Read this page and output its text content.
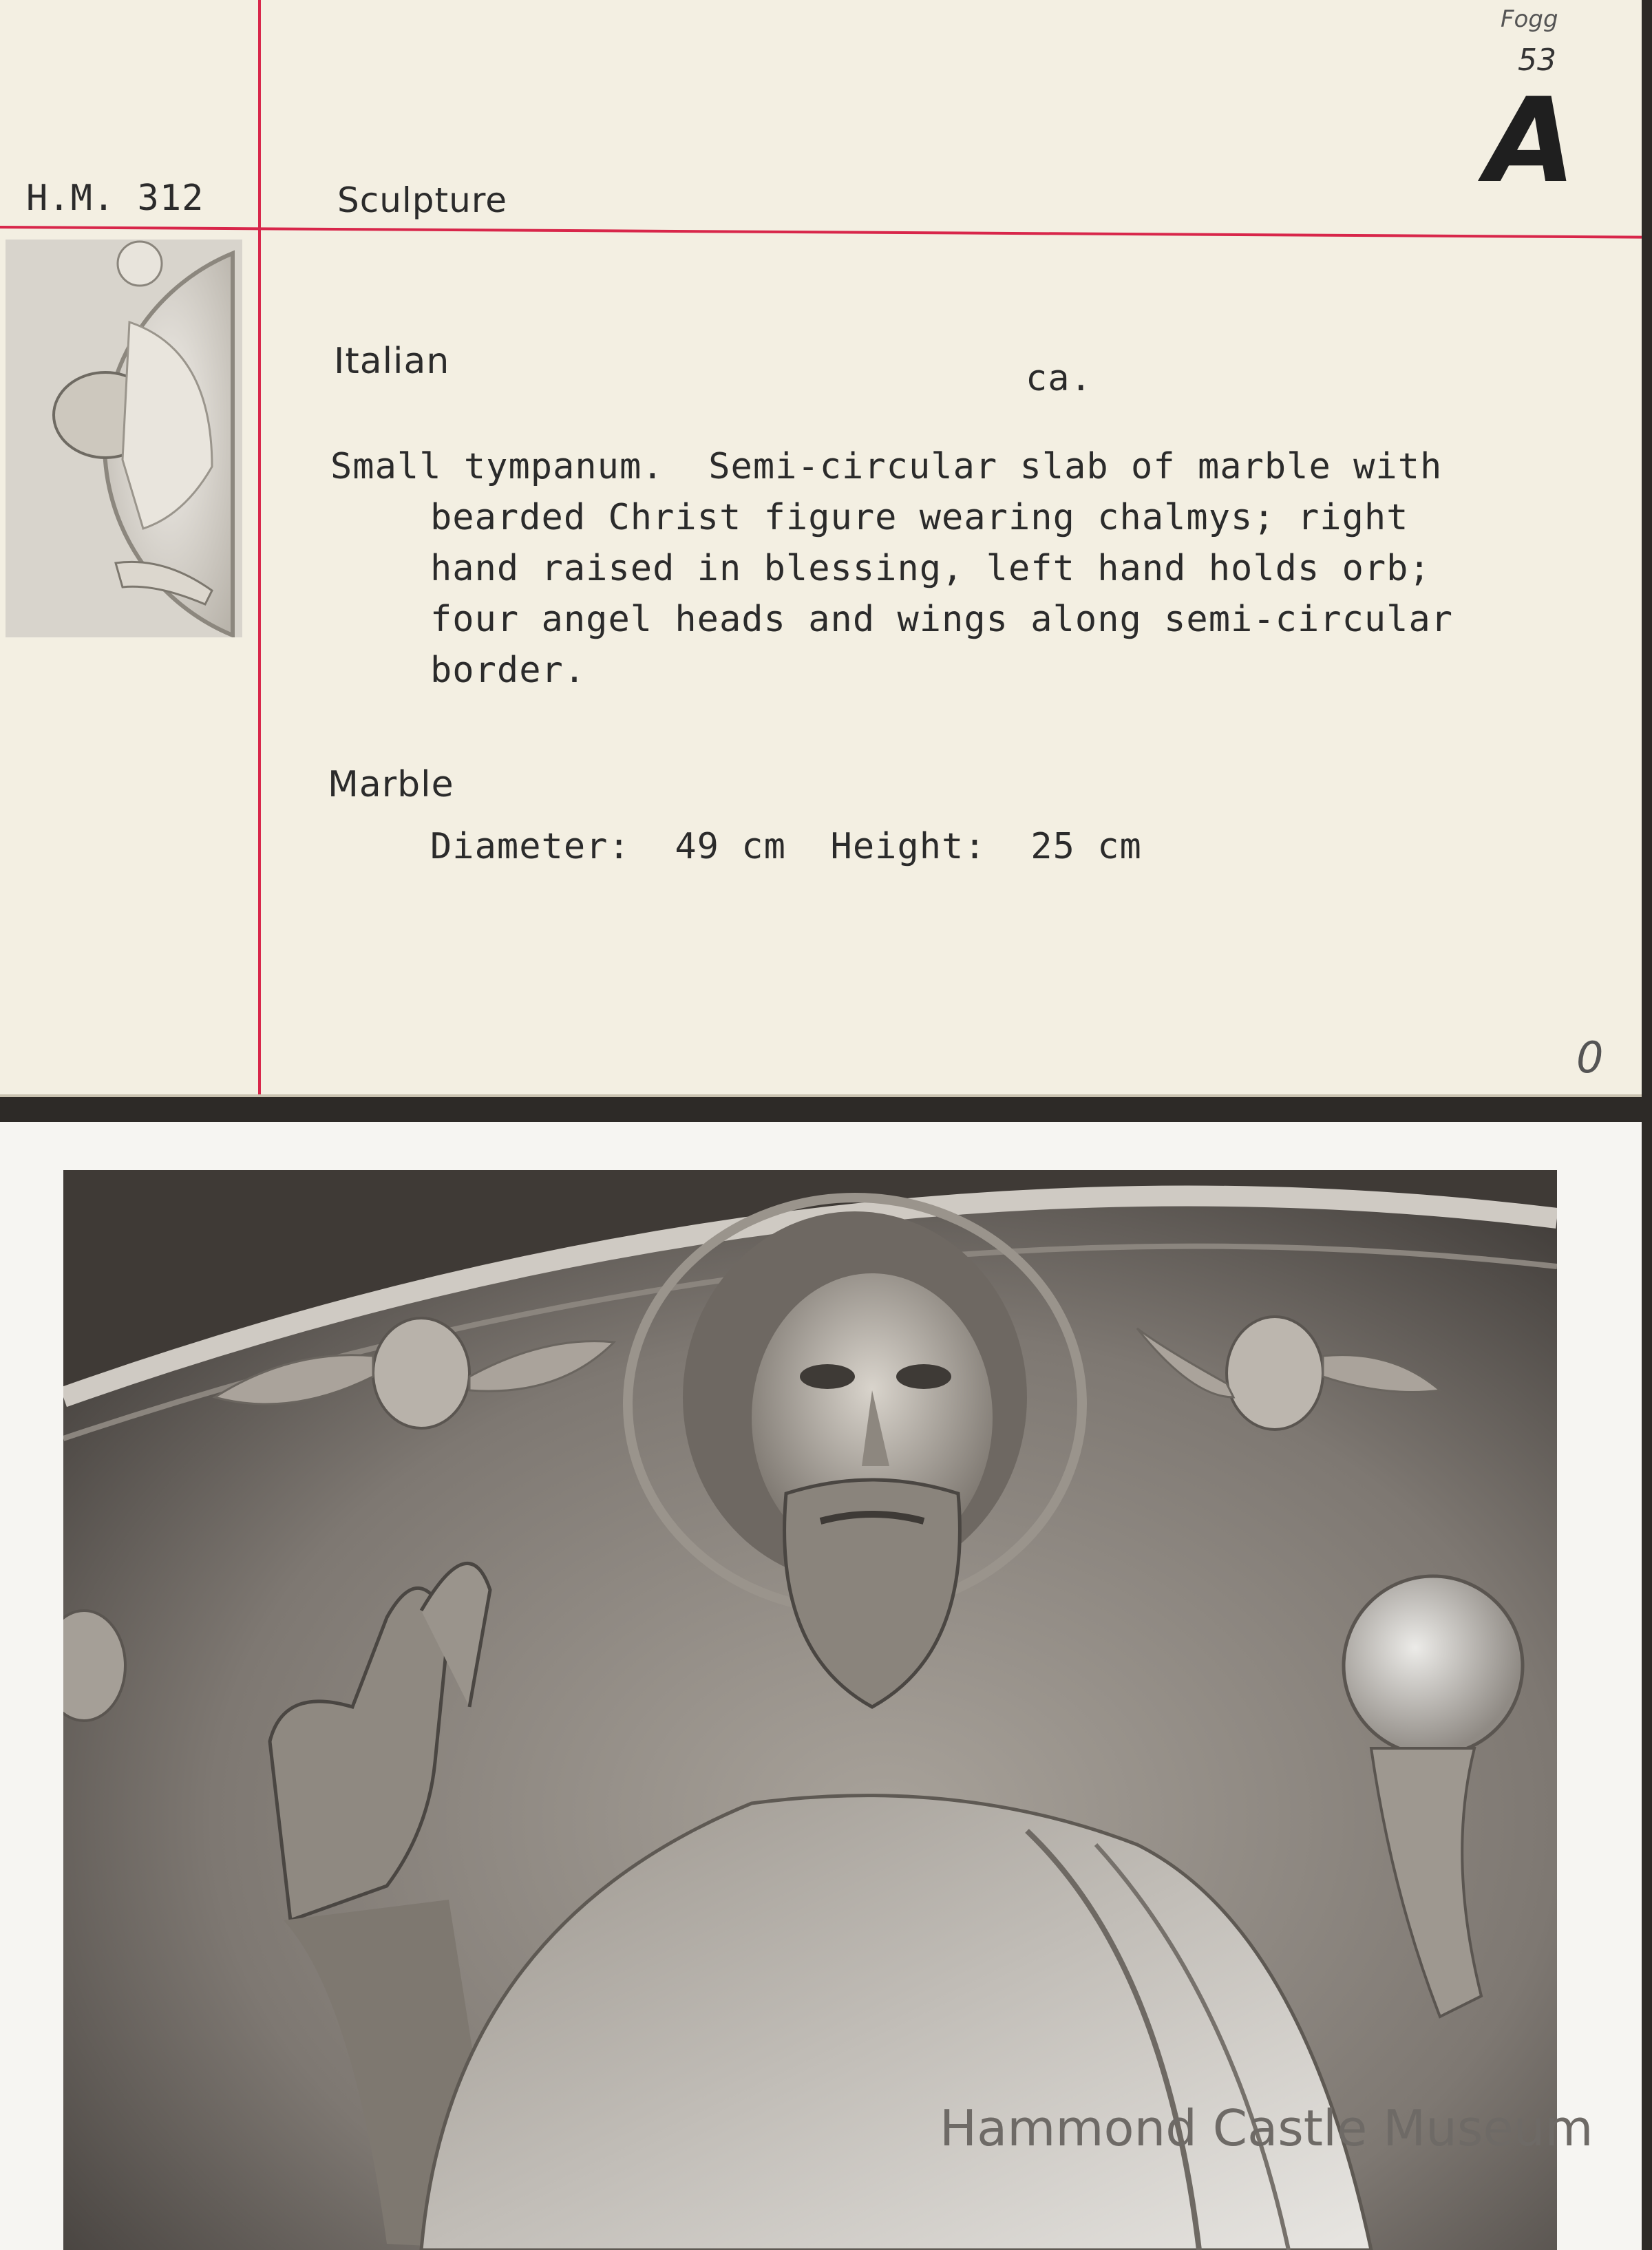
H.M. 312	Sculpture
Fogg
53
A
0
Italian	ca.
Small tympanum.  Semi-circular slab of marble with
bearded Christ figure wearing chalmys; right
hand raised in blessing, left hand holds orb;
four angel heads and wings along semi-circular
border.
Marble
Diameter:  49 cm  Height:  25 cm
Hammond Castle Museum
